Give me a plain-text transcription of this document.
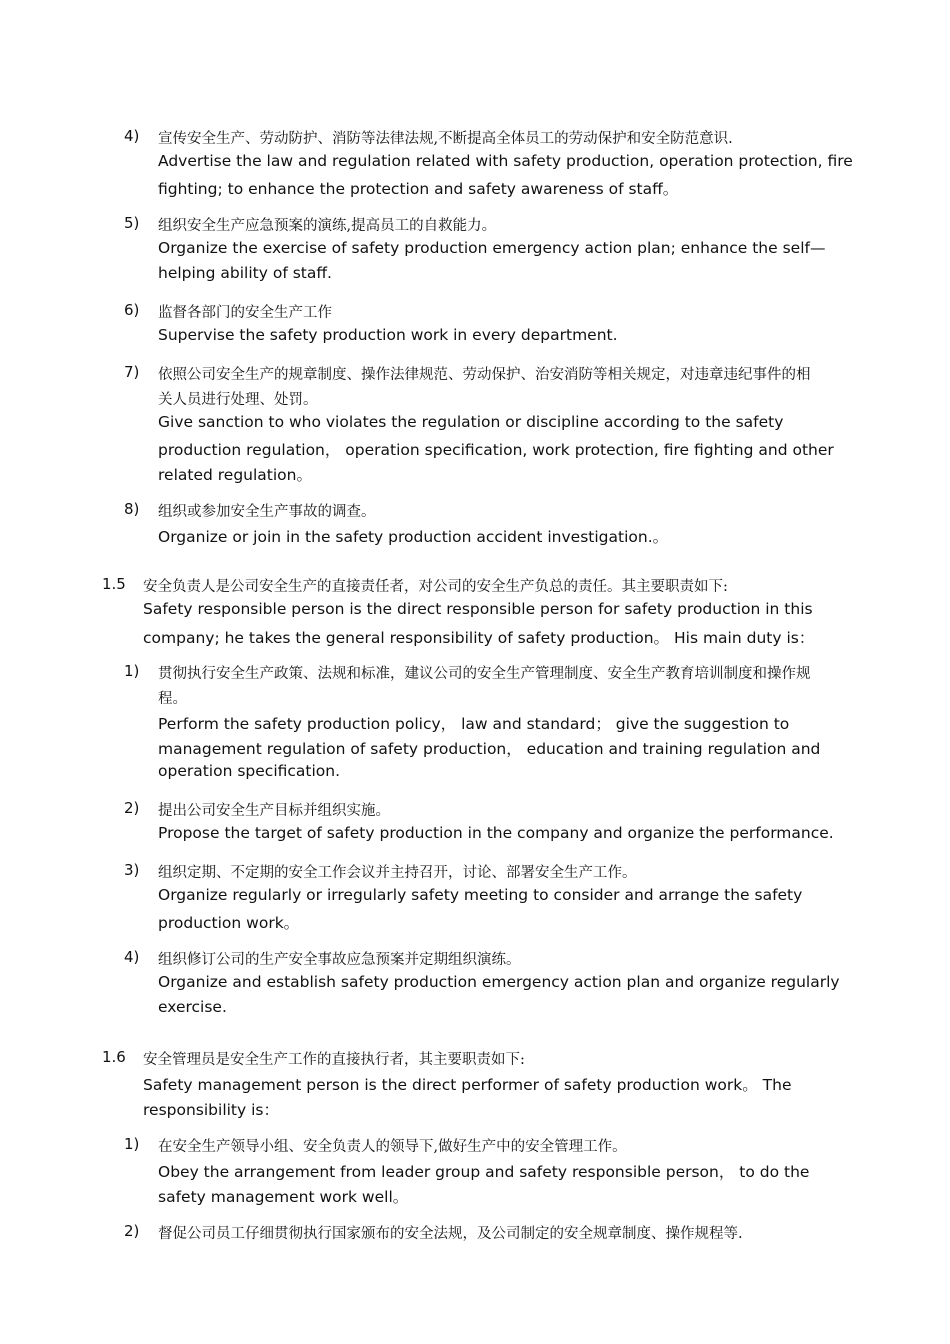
4) 宣传安全生产、劳动防护、消防等法律法规,不断提高全体员工的劳动保护和安全防范意识.
Advertise the law and regulation related with safety production, operation protection, fire
fighting; to enhance the protection and safety awareness of staff。
5) 组织安全生产应急预案的演练,提高员工的自救能力。
Organize the exercise of safety production emergency action plan; enhance the self—
helping ability of staff.
6) 监督各部门的安全生产工作
Supervise the safety production work in every department.
7) 依照公司安全生产的规章制度、操作法律规范、劳动保护、治安消防等相关规定，对违章违纪事件的相
关人员进行处理、处罚。
Give sanction to who violates the regulation or discipline according to the safety
production regulation， operation specification, work protection, fire fighting and other
related regulation。
8) 组织或参加安全生产事故的调查。
Organize or join in the safety production accident investigation.。
1.5 安全负责人是公司安全生产的直接责任者，对公司的安全生产负总的责任。其主要职责如下:
Safety responsible person is the direct responsible person for safety production in this
company; he takes the general responsibility of safety production。 His main duty is：
1) 贯彻执行安全生产政策、法规和标准，建议公司的安全生产管理制度、安全生产教育培训制度和操作规
程。
Perform the safety production policy， law and standard； give the suggestion to
management regulation of safety production， education and training regulation and
operation specification.
2) 提出公司安全生产目标并组织实施。
Propose the target of safety production in the company and organize the performance.
3) 组织定期、不定期的安全工作会议并主持召开，讨论、部署安全生产工作。
Organize regularly or irregularly safety meeting to consider and arrange the safety
production work。
4) 组织修订公司的生产安全事故应急预案并定期组织演练。
Organize and establish safety production emergency action plan and organize regularly
exercise.
1.6 安全管理员是安全生产工作的直接执行者，其主要职责如下:
Safety management person is the direct performer of safety production work。 The
responsibility is：
1) 在安全生产领导小组、安全负责人的领导下,做好生产中的安全管理工作。
Obey the arrangement from leader group and safety responsible person， to do the
safety management work well。
2) 督促公司员工仔细贯彻执行国家颁布的安全法规，及公司制定的安全规章制度、操作规程等.
